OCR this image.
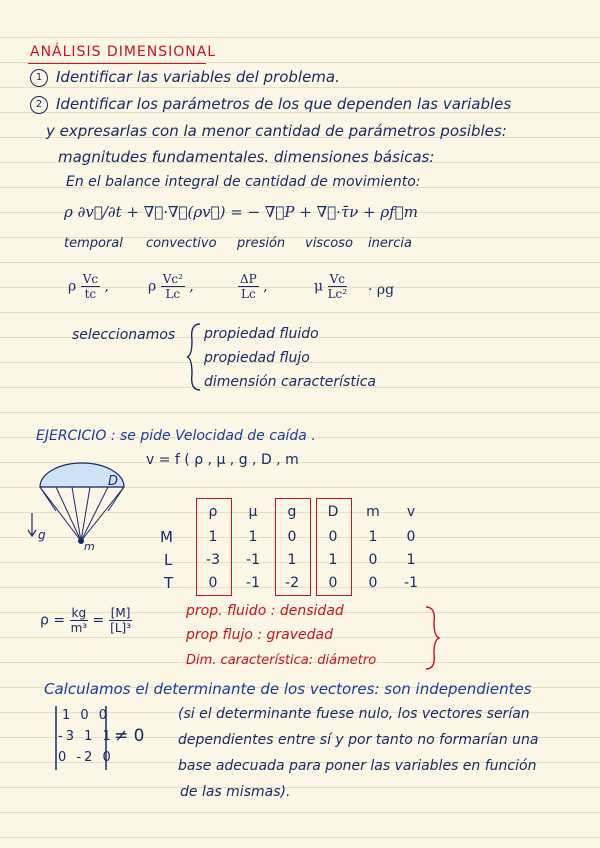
ANÁLISIS DIMENSIONAL
1 Identificar las variables del problema.
2 Identificar los parámetros de los que dependen las variables
y expresarlas con la menor cantidad de parámetros posibles:
magnitudes fundamentales. dimensiones básicas:
En el balance integral de cantidad de movimiento:
ρ ∂v⃗/∂t + ∇⃗·∇⃗(ρv⃗) = − ∇⃗P + ∇⃗·τ̄ν + ρf⃗m
temporal convectivo presión viscoso inercia
ρ $\frac{Vc}{tc}$ ,	ρ $\frac{\text{Vc²}}{Lc}$ ,	$\frac{\Delta P}{Lc}$ ,	μ $\frac{Vc}{\text{Lc²}} \cdot \rho g$
seleccionamos propiedad fluido
propiedad flujo
dimensión característica
EJERCICIO : se pide Velocidad de caída .
v = f ( ρ , μ , g , D , m
D
g
m
ρ	μ	g	D	m	v
M
L
T
1	1	0	0	1	0
-3	-1	1	1	0	1
0	-1	-2	0	0	-1
$\rho = \frac{kg}{\text{m³}} = \frac{[M]}{\text{[L]³}}$	prop. fluido : densidad
prop flujo : gravedad
Dim. característica: diámetro
Calculamos el determinante de los vectores: son independientes
1 0 0
-3 1 1
0 -2 0
≠ 0
(si el determinante fuese nulo, los vectores serían
dependientes entre sí y por tanto no formarían una
base adecuada para poner las variables en función
de las mismas).
